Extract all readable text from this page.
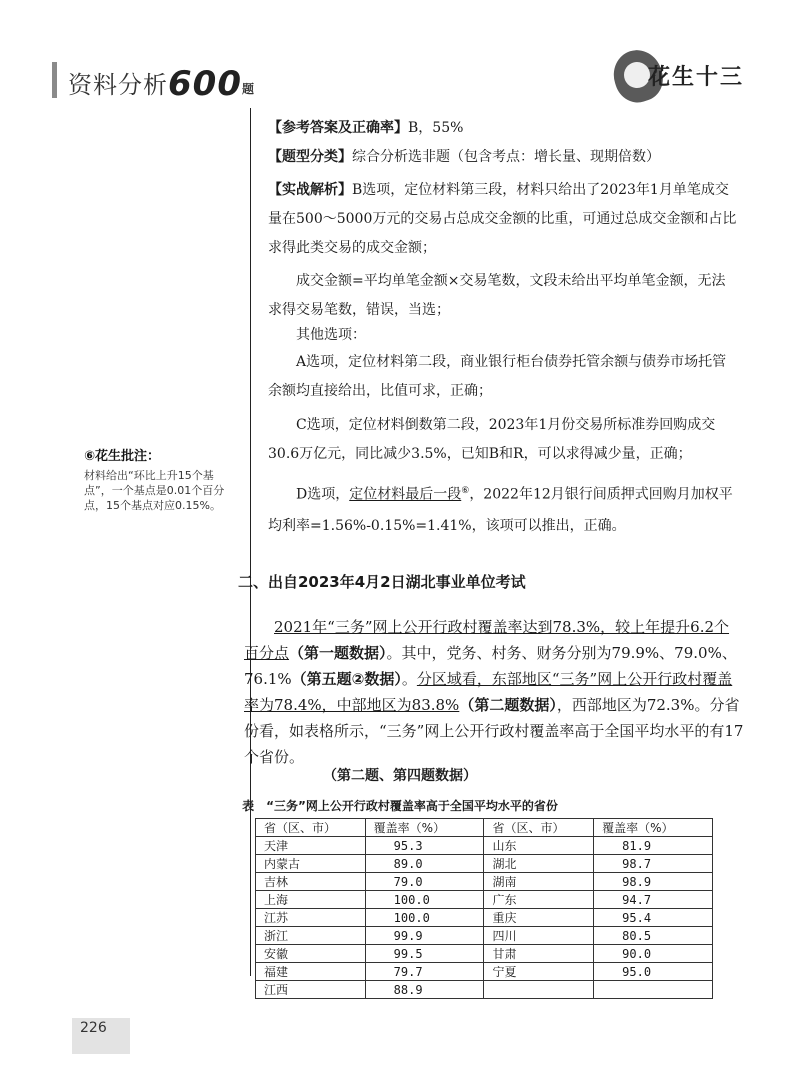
资料分析600题	花生十三
【参考答案及正确率】B，55%
【题型分类】综合分析选非题（包含考点：增长量、现期倍数）
【实战解析】B选项，定位材料第三段，材料只给出了2023年1月单笔成交量在500～5000万元的交易占总成交金额的比重，可通过总成交金额和占比求得此类交易的成交金额；
成交金额=平均单笔金额×交易笔数，文段未给出平均单笔金额，无法求得交易笔数，错误，当选；
其他选项：
A选项，定位材料第二段，商业银行柜台债券托管余额与债券市场托管余额均直接给出，比值可求，正确；
C选项，定位材料倒数第二段，2023年1月份交易所标准券回购成交30.6万亿元，同比减少3.5%，已知B和R，可以求得减少量，正确；
D选项，定位材料最后一段⑥，2022年12月银行间质押式回购月加权平均利率=1.56%-0.15%=1.41%，该项可以推出，正确。
⑥花生批注：
材料给出“环比上升15个基点”，一个基点是0.01个百分点，15个基点对应0.15%。
二、出自2023年4月2日湖北事业单位考试
2021年“三务”网上公开行政村覆盖率达到78.3%，较上年提升6.2个百分点（第一题数据）。其中，党务、村务、财务分别为79.9%、79.0%、76.1%（第五题②数据）。分区域看，东部地区“三务”网上公开行政村覆盖率为78.4%，中部地区为83.8%（第二题数据），西部地区为72.3%。分省份看，如表格所示，“三务”网上公开行政村覆盖率高于全国平均水平的有17个省份。
（第二题、第四题数据）
表　“三务”网上公开行政村覆盖率高于全国平均水平的省份
省（区、市）	覆盖率（%）	省（区、市）	覆盖率（%）
天津	95.3	山东	81.9
内蒙古	89.0	湖北	98.7
吉林	79.0	湖南	98.9
上海	100.0	广东	94.7
江苏	100.0	重庆	95.4
浙江	99.9	四川	80.5
安徽	99.5	甘肃	90.0
福建	79.7	宁夏	95.0
江西	88.9		
226
